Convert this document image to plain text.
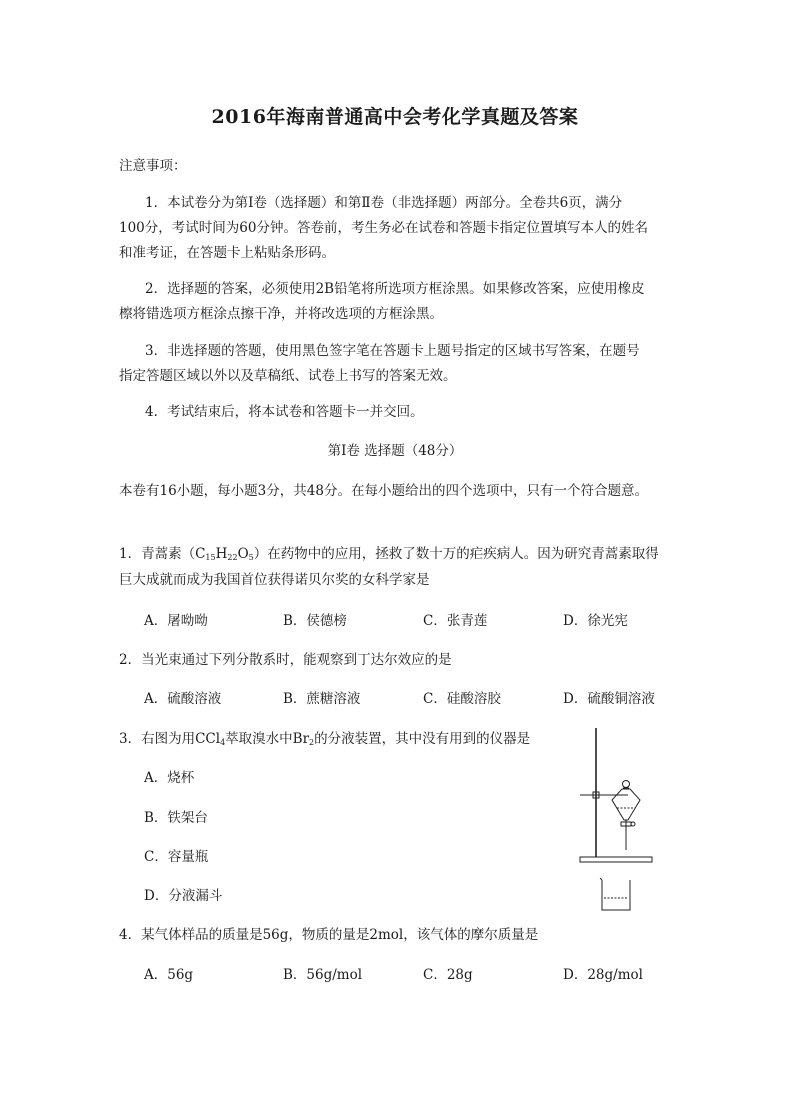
2016年海南普通高中会考化学真题及答案
注意事项：
1．本试卷分为第Ⅰ卷（选择题）和第Ⅱ卷（非选择题）两部分。全卷共6页，满分
100分，考试时间为60分钟。答卷前，考生务必在试卷和答题卡指定位置填写本人的姓名
和准考证，在答题卡上粘贴条形码。
2．选择题的答案，必须使用2B铅笔将所选项方框涂黑。如果修改答案，应使用橡皮
檫将错选项方框涂点擦干净，并将改选项的方框涂黑。
3．非选择题的答题，使用黑色签字笔在答题卡上题号指定的区域书写答案，在题号
指定答题区域以外以及草稿纸、试卷上书写的答案无效。
4．考试结束后，将本试卷和答题卡一并交回。
第Ⅰ卷 选择题（48分）
本卷有16小题，每小题3分，共48分。在每小题给出的四个选项中，只有一个符合题意。
1．青蒿素$(C_{15}H_{22}O_5)$在药物中的应用，拯救了数十万的疟疾病人。因为研究青蒿素取得
巨大成就而成为我国首位获得诺贝尔奖的女科学家是
A．屠呦呦	B．侯德榜	C．张青莲	D．徐光宪
2．当光束通过下列分散系时，能观察到丁达尔效应的是
A．硫酸溶液	B．蔗糖溶液	C．硅酸溶胶	D．硫酸铜溶液
3．右图为用CCl$_4$萃取溴水中$Br_2$的分液装置，其中没有用到的仪器是
A．烧杯
B．铁架台
C．容量瓶
D．分液漏斗
4．某气体样品的质量是56g，物质的量是2mol，该气体的摩尔质量是
A．56g	B．56g/mol	C．28g	D．28g/mol
